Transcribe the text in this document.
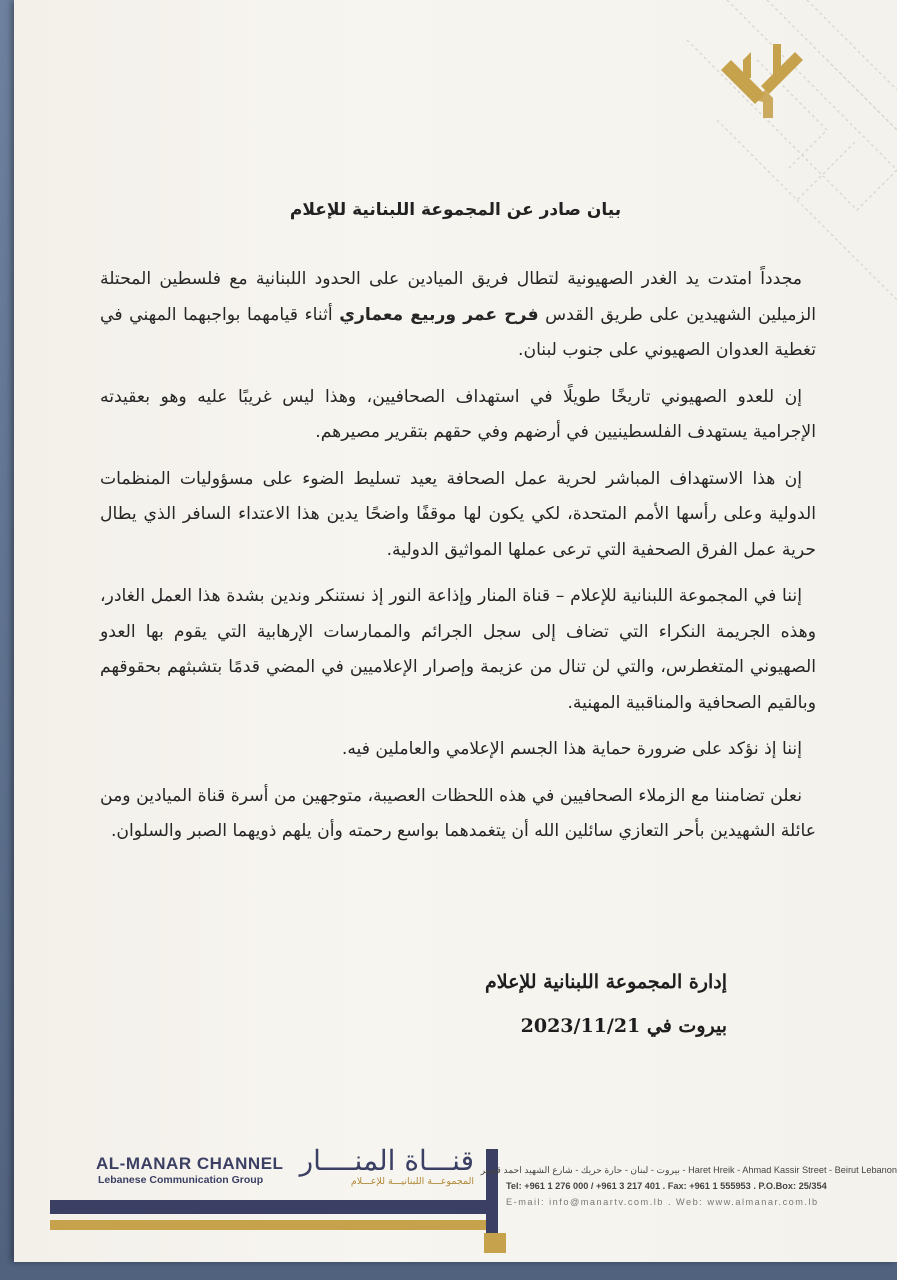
بيان صادر عن المجموعة اللبنانية للإعلام

مجدداً امتدت يد الغدر الصهيونية لتطال فريق الميادين على الحدود اللبنانية مع فلسطين المحتلة الزميلين الشهيدين على طريق القدس فرح عمر وربيع معماري أثناء قيامهما بواجبهما المهني في تغطية العدوان الصهيوني على جنوب لبنان.

إن للعدو الصهيوني تاريخًا طويلًا في استهداف الصحافيين، وهذا ليس غريبًا عليه وهو بعقيدته الإجرامية يستهدف الفلسطينيين في أرضهم وفي حقهم بتقرير مصيرهم.

إن هذا الاستهداف المباشر لحرية عمل الصحافة يعيد تسليط الضوء على مسؤوليات المنظمات الدولية وعلى رأسها الأمم المتحدة، لكي يكون لها موقفًا واضحًا يدين هذا الاعتداء السافر الذي يطال حرية عمل الفرق الصحفية التي ترعى عملها المواثيق الدولية.

إننا في المجموعة اللبنانية للإعلام – قناة المنار وإذاعة النور إذ نستنكر وندين بشدة هذا العمل الغادر، وهذه الجريمة النكراء التي تضاف إلى سجل الجرائم والممارسات الإرهابية التي يقوم بها العدو الصهيوني المتغطرس، والتي لن تنال من عزيمة وإصرار الإعلاميين في المضي قدمًا بتشبثهم بحقوقهم وبالقيم الصحافية والمناقبية المهنية.

إننا إذ نؤكد على ضرورة حماية هذا الجسم الإعلامي والعاملين فيه.

نعلن تضامننا مع الزملاء الصحافيين في هذه اللحظات العصيبة، متوجهين من أسرة قناة الميادين ومن عائلة الشهيدين بأحر التعازي سائلين الله أن يتغمدهما بواسع رحمته وأن يلهم ذويهما الصبر والسلوان.

إدارة المجموعة اللبنانية للإعلام
بيروت في 2023/11/21
AL-MANAR CHANNEL
Lebanese Communication Group
قنـــاة المنــــار
المجموعـــة اللبنانيـــة للإعـــلام
Haret Hreik - Ahmad Kassir Street - Beirut Lebanon - بيروت - لبنان - حارة حريك - شارع الشهيد احمد قصير
Tel: +961 1 276 000 / +961 3 217 401 . Fax: +961 1 555953 . P.O.Box: 25/354
E-mail: info@manartv.com.lb . Web: www.almanar.com.lb
